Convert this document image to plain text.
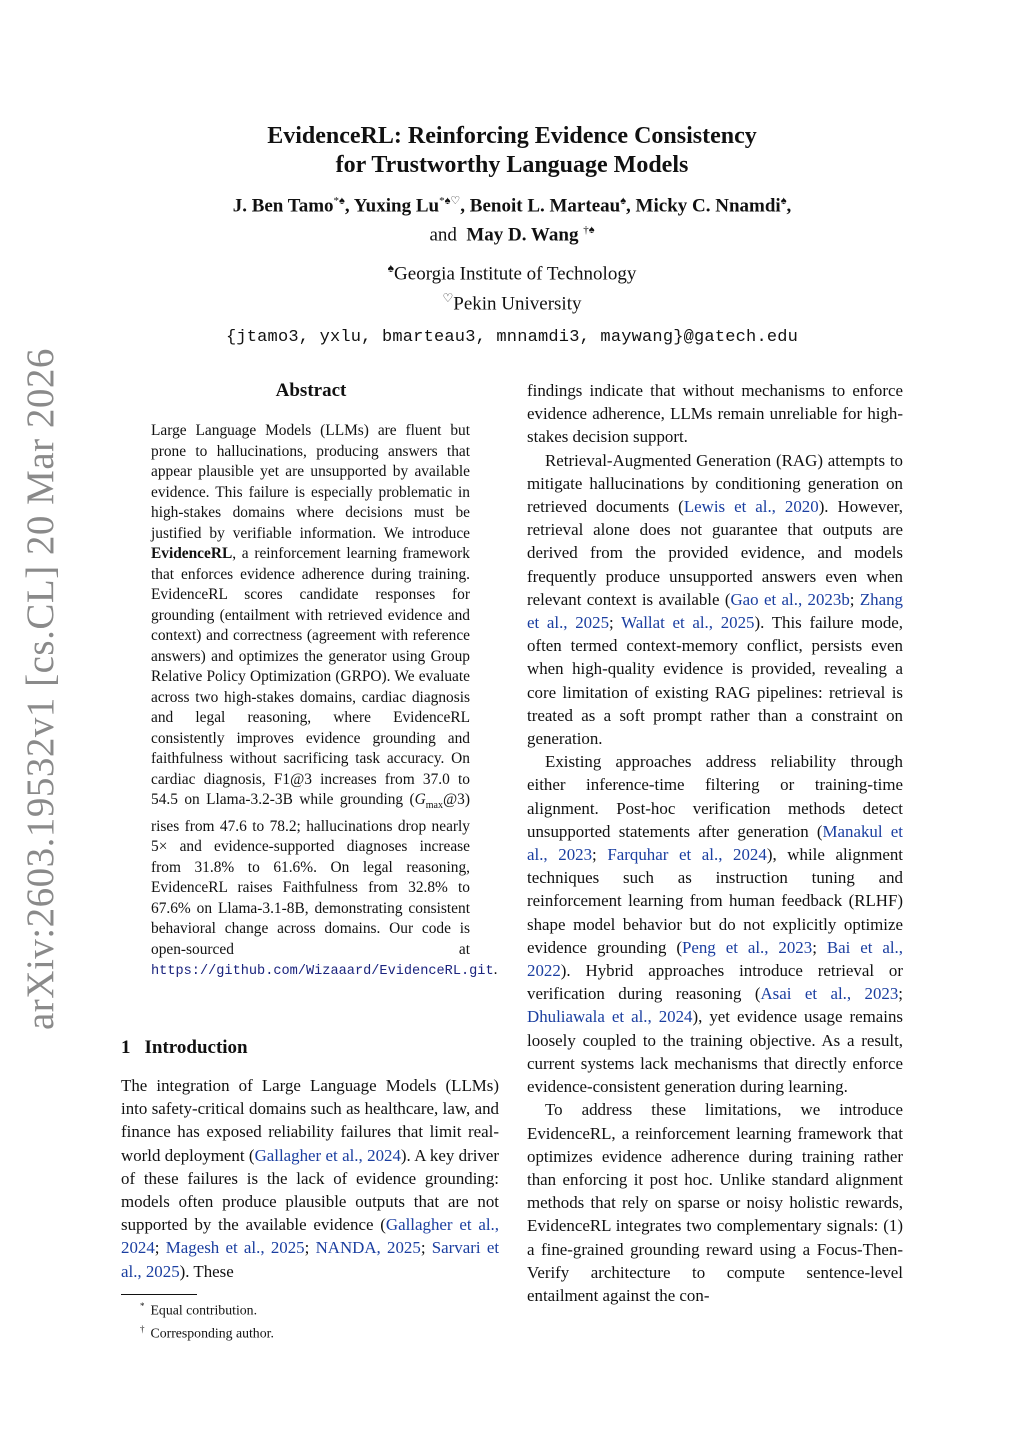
arXiv:2603.19532v1 [cs.CL] 20 Mar 2026
EvidenceRL: Reinforcing Evidence Consistency
for Trustworthy Language Models
J. Ben Tamo*♠, Yuxing Lu*♠♡, Benoit L. Marteau♠, Micky C. Nnamdi♠,
and May D. Wang †♠
♠Georgia Institute of Technology
♡Pekin University
{jtamo3, yxlu, bmarteau3, mnnamdi3, maywang}@gatech.edu
Abstract
Large Language Models (LLMs) are fluent but prone to hallucinations, producing answers that appear plausible yet are unsupported by available evidence. This failure is especially problematic in high-stakes domains where decisions must be justified by verifiable information. We introduce EvidenceRL, a reinforcement learning framework that enforces evidence adherence during training. EvidenceRL scores candidate responses for grounding (entailment with retrieved evidence and context) and correctness (agreement with reference answers) and optimizes the generator using Group Relative Policy Optimization (GRPO). We evaluate across two high-stakes domains, cardiac diagnosis and legal reasoning, where EvidenceRL consistently improves evidence grounding and faithfulness without sacrificing task accuracy. On cardiac diagnosis, F1@3 increases from 37.0 to 54.5 on Llama-3.2-3B while grounding $(G_{max}@3)$ rises from 47.6 to 78.2; hallucinations drop nearly 5× and evidence-supported diagnoses increase from 31.8% to 61.6%. On legal reasoning, EvidenceRL raises Faithfulness from 32.8% to 67.6% on Llama-3.1-8B, demonstrating consistent behavioral change across domains. Our code is open-sourced at https://github.com/Wizaaard/EvidenceRL.git.
1 Introduction

The integration of Large Language Models (LLMs) into safety-critical domains such as healthcare, law, and finance has exposed reliability failures that limit real-world deployment (Gallagher et al., 2024). A key driver of these failures is the lack of evidence grounding: models often produce plausible outputs that are not supported by the available evidence (Gallagher et al., 2024; Magesh et al., 2025; NANDA, 2025; Sarvari et al., 2025). These

* Equal contribution.
† Corresponding author.

findings indicate that without mechanisms to enforce evidence adherence, LLMs remain unreliable for high-stakes decision support.

Retrieval-Augmented Generation (RAG) attempts to mitigate hallucinations by conditioning generation on retrieved documents (Lewis et al., 2020). However, retrieval alone does not guarantee that outputs are derived from the provided evidence, and models frequently produce unsupported answers even when relevant context is available (Gao et al., 2023b; Zhang et al., 2025; Wallat et al., 2025). This failure mode, often termed context-memory conflict, persists even when high-quality evidence is provided, revealing a core limitation of existing RAG pipelines: retrieval is treated as a soft prompt rather than a constraint on generation.

Existing approaches address reliability through either inference-time filtering or training-time alignment. Post-hoc verification methods detect unsupported statements after generation (Manakul et al., 2023; Farquhar et al., 2024), while alignment techniques such as instruction tuning and reinforcement learning from human feedback (RLHF) shape model behavior but do not explicitly optimize evidence grounding (Peng et al., 2023; Bai et al., 2022). Hybrid approaches introduce retrieval or verification during reasoning (Asai et al., 2023; Dhuliawala et al., 2024), yet evidence usage remains loosely coupled to the training objective. As a result, current systems lack mechanisms that directly enforce evidence-consistent generation during learning.

To address these limitations, we introduce EvidenceRL, a reinforcement learning framework that optimizes evidence adherence during training rather than enforcing it post hoc. Unlike standard alignment methods that rely on sparse or noisy holistic rewards, EvidenceRL integrates two complementary signals: (1) a fine-grained grounding reward using a Focus-Then-Verify architecture to compute sentence-level entailment against the con-
